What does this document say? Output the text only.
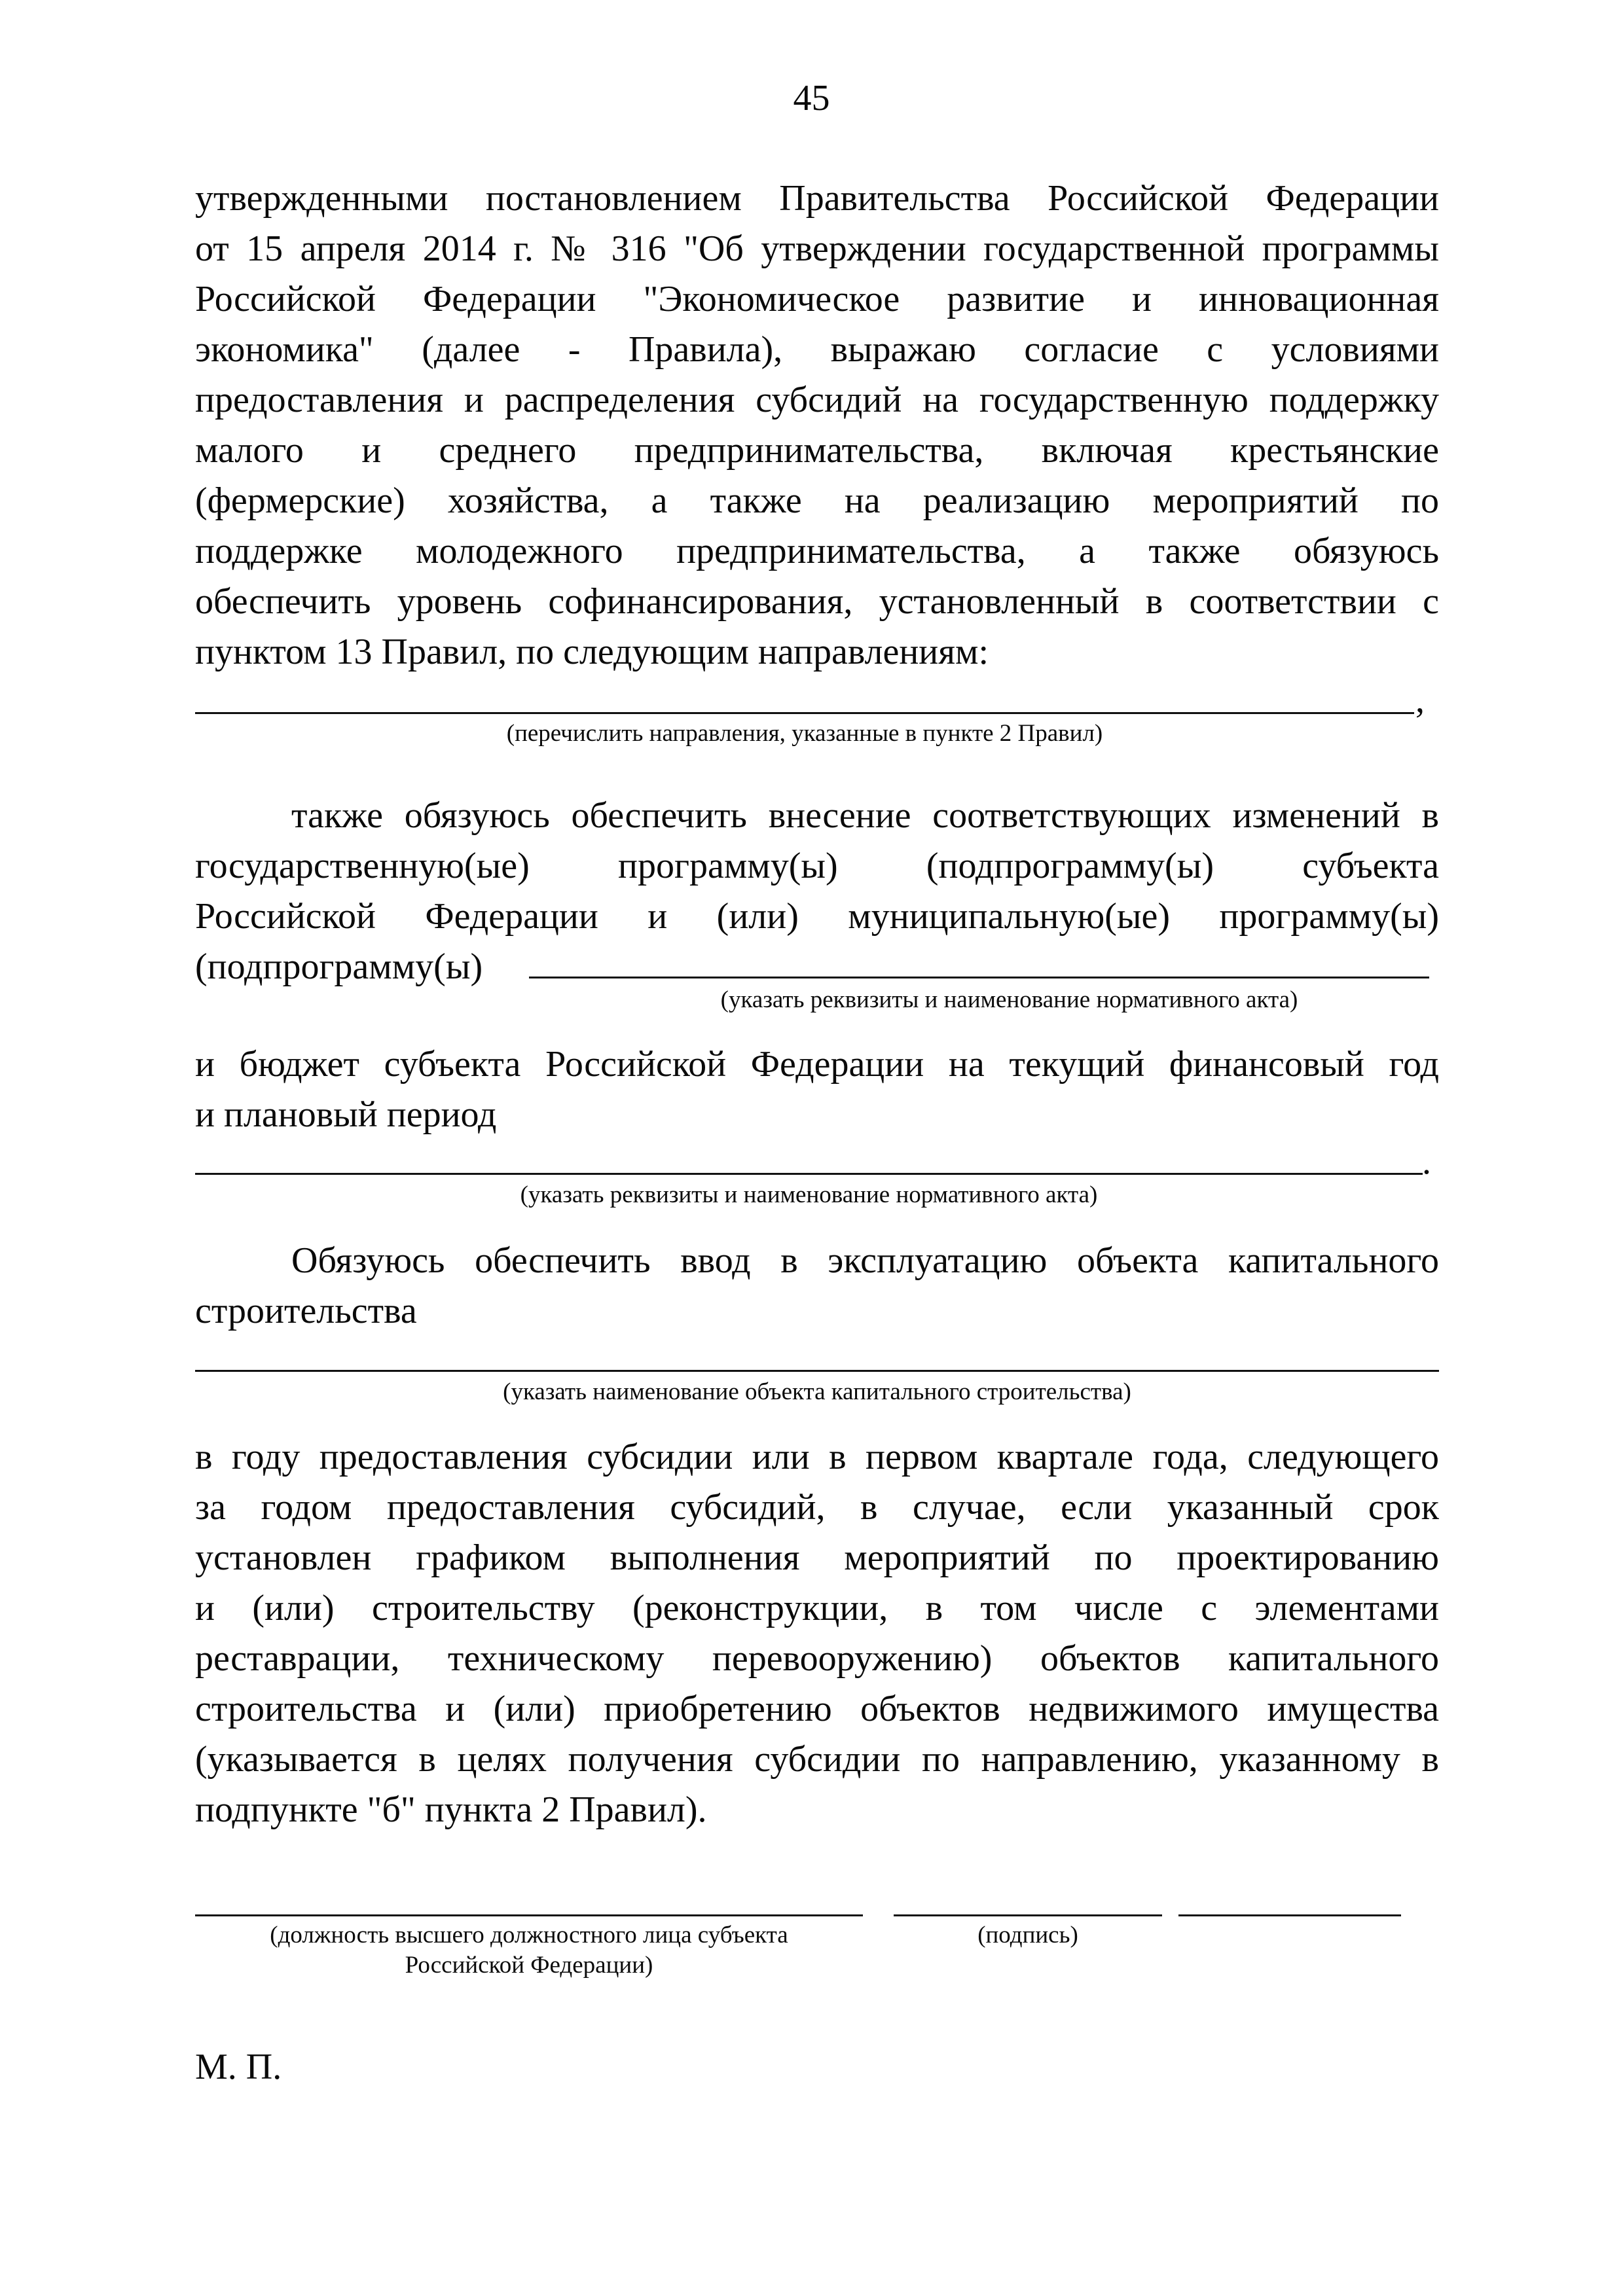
45
утвержденными постановлением Правительства Российской Федерации
от 15 апреля 2014 г. № 316 "Об утверждении государственной программы
Российской Федерации "Экономическое развитие и инновационная
экономика" (далее - Правила), выражаю согласие с условиями
предоставления и распределения субсидий на государственную поддержку
малого и среднего предпринимательства, включая крестьянские
(фермерские) хозяйства, а также на реализацию мероприятий по
поддержке молодежного предпринимательства, а также обязуюсь
обеспечить уровень софинансирования, установленный в соответствии с
пунктом 13 Правил, по следующим направлениям:
,
(перечислить направления, указанные в пункте 2 Правил)
также обязуюсь обеспечить внесение соответствующих изменений в
государственную(ые) программу(ы) (подпрограмму(ы) субъекта
Российской Федерации и (или) муниципальную(ые) программу(ы)
(подпрограмму(ы)
(указать реквизиты и наименование нормативного акта)
и бюджет субъекта Российской Федерации на текущий финансовый год
и плановый период
.
(указать реквизиты и наименование нормативного акта)
Обязуюсь обеспечить ввод в эксплуатацию объекта капитального
строительства
(указать наименование объекта капитального строительства)
в году предоставления субсидии или в первом квартале года, следующего
за годом предоставления субсидий, в случае, если указанный срок
установлен графиком выполнения мероприятий по проектированию
и (или) строительству (реконструкции, в том числе с элементами
реставрации, техническому перевооружению) объектов капитального
строительства и (или) приобретению объектов недвижимого имущества
(указывается в целях получения субсидии по направлению, указанному в
подпункте "б" пункта 2 Правил).
(должность высшего должностного лица субъекта
Российской Федерации)
(подпись)
М. П.
